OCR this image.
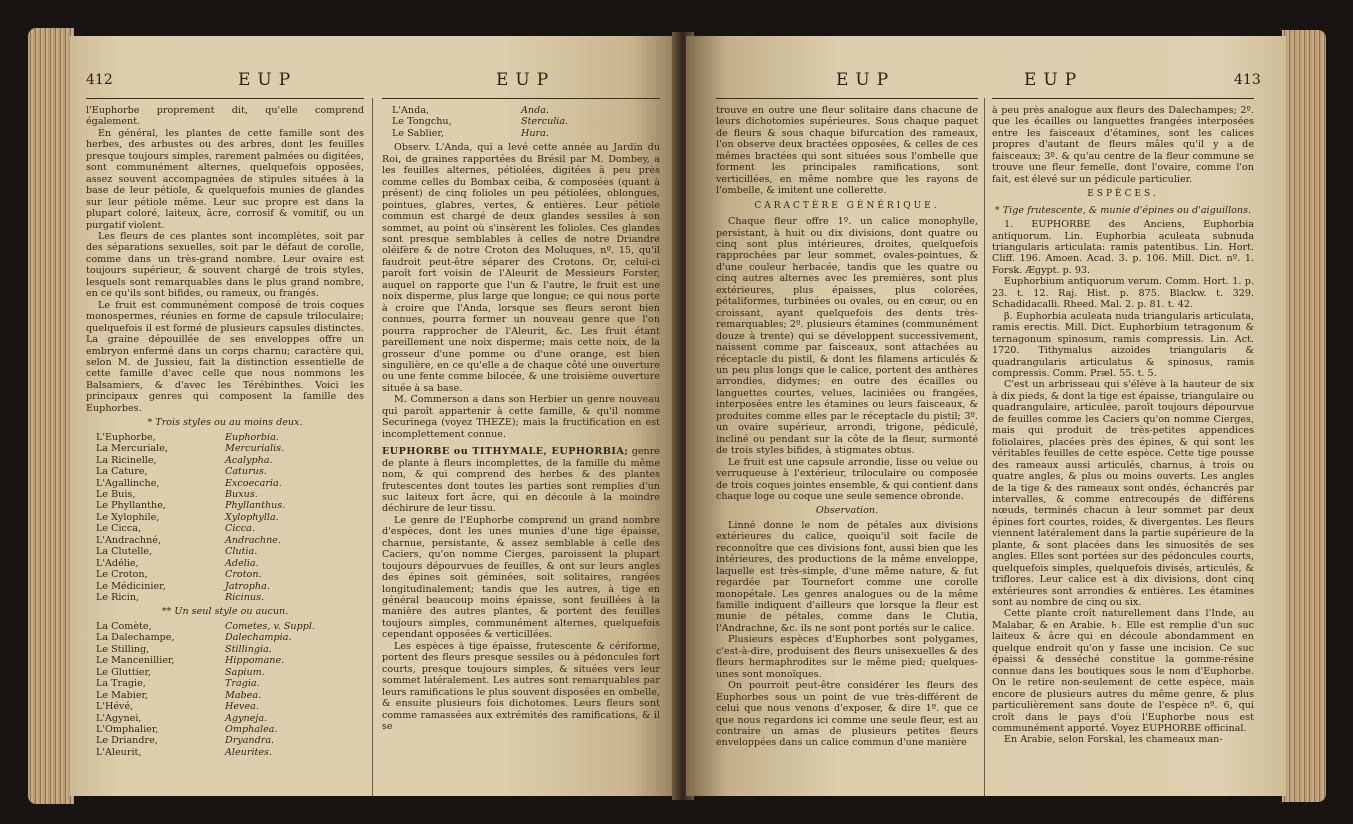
412	EUP	EUP

l'Euphorbe proprement dit, qu'elle comprend également.

En général, les plantes de cette famille sont des herbes, des arbustes ou des arbres, dont les feuilles presque toujours simples, rarement palmées ou digitées, sont communément alternes, quelquefois opposées, assez souvent accompagnées de stipules situées à la base de leur pétiole, & quelquefois munies de glandes sur leur pétiole même. Leur suc propre est dans la plupart coloré, laiteux, âcre, corrosif & vomitif, ou un purgatif violent.

Les fleurs de ces plantes sont incomplètes, soit par des séparations sexuelles, soit par le défaut de corolle, comme dans un très-grand nombre. Leur ovaire est toujours supérieur, & souvent chargé de trois styles, lesquels sont remarquables dans le plus grand nombre, en ce qu'ils sont bifides, ou rameux, ou frangés.

Le fruit est communément composé de trois coques monospermes, réunies en forme de capsule triloculaire; quelquefois il est formé de plusieurs capsules distinctes. La graine dépouillée de ses enveloppes offre un embryon enfermé dans un corps charnu; caractère qui, selon M. de Jussieu, fait la distinction essentielle de cette famille d'avec celle que nous nommons les Balsamiers, & d'avec les Térébinthes. Voici les principaux genres qui composent la famille des Euphorbes.

* Trois styles ou au moins deux.

L'Euphorbe,	Euphorbia.
La Mercuriale,	Mercurialis.
La Ricinelle,	Acalypha.
La Cature,	Caturus.
L'Agallinche,	Excoecaria.
Le Buis,	Buxus.
Le Phyllanthe,	Phyllanthus.
Le Xylophile,	Xylophylla.
Le Cicca,	Cicca.
L'Andrachné,	Andrachne.
La Clutelle,	Clutia.
L'Adélie,	Adelia.
Le Croton,	Croton.
Le Médicinier,	Jatropha.
Le Ricin,	Ricinus.

** Un seul style ou aucun.

La Comète,	Cometes, v. Suppl.
La Dalechampe,	Dalechampia.
Le Stilling,	Stillingia.
Le Mancenillier,	Hippomane.
Le Gluttier,	Sapium.
La Tragie,	Tragia.
Le Mabier,	Mabea.
L'Hévé,	Hevea.
L'Agynei,	Agyneja.
L'Omphalier,	Omphalea.
Le Driandre,	Dryandra.
L'Aleurit,	Aleurites.
L'Anda,	Anda.
Le Tongchu,	Sterculia.
Le Sablier,	Hura.

Observ. L'Anda, qui a levé cette année au Jardin du Roi, de graines rapportées du Brésil par M. Dombey, a les feuilles alternes, pétiolées, digitées à peu près comme celles du Bombax ceiba, & composées (quant à présent) de cinq folioles un peu pétiolées, oblongues, pointues, glabres, vertes, & entières. Leur pétiole commun est chargé de deux glandes sessiles à son sommet, au point où s'insèrent les folioles. Ces glandes sont presque semblables à celles de notre Driandre oléifère & de notre Croton des Moluques, nº. 15, qu'il faudroit peut-être séparer des Crotons. Or, celui-ci paroît fort voisin de l'Aleurit de Messieurs Forster, auquel on rapporte que l'un & l'autre, le fruit est une noix disperme, plus large que longue; ce qui nous porte à croire que l'Anda, lorsque ses fleurs seront bien connues, pourra former un nouveau genre que l'on pourra rapprocher de l'Aleurit, &c. Les fruit étant pareillement une noix disperme; mais cette noix, de la grosseur d'une pomme ou d'une orange, est bien singulière, en ce qu'elle a de chaque côté une ouverture ou une fente comme bilocée, & une troisième ouverture située à sa base.

M. Commerson a dans son Herbier un genre nouveau qui paroît appartenir à cette famille, & qu'il nomme Securinega (voyez THEZE); mais la fructification en est incomplettement connue.

EUPHORBE ou TITHYMALE, EUPHORBIA; genre de plante à fleurs incomplettes, de la famille du même nom, & qui comprend des herbes & des plantes frutescentes dont toutes les parties sont remplies d'un suc laiteux fort âcre, qui en découle à la moindre déchirure de leur tissu.

Le genre de l'Euphorbe comprend un grand nombre d'espèces, dont les unes munies d'une tige épaisse, charnue, persistante, & assez semblable à celle des Caciers, qu'on nomme Cierges, paroissent la plupart toujours dépourvues de feuilles, & ont sur leurs angles des épines soit géminées, soit solitaires, rangées longitudinalement; tandis que les autres, à tige en général beaucoup moins épaisse, sont feuillées à la manière des autres plantes, & portent des feuilles toujours simples, communément alternes, quelquefois cependant opposées & verticillées.

Les espèces à tige épaisse, frutescente & cériforme, portent des fleurs presque sessiles ou à pédoncules fort courts, presque toujours simples, & situées vers leur sommet latéralement. Les autres sont remarquables par leurs ramifications le plus souvent disposées en ombelle, & ensuite plusieurs fois dichotomes. Leurs fleurs sont comme ramassées aux extrémités des ramifications, & il se

EUP	EUP	413

trouve en outre une fleur solitaire dans chacune de leurs dichotomies supérieures. Sous chaque paquet de fleurs & sous chaque bifurcation des rameaux, l'on observe deux bractées opposées, & celles de ces mêmes bractées qui sont situées sous l'ombelle que forment les principales ramifications, sont verticillées, en même nombre que les rayons de l'ombelle, & imitent une collerette.

CARACTÈRE GÉNÉRIQUE.

Chaque fleur offre 1º. un calice monophylle, persistant, à huit ou dix divisions, dont quatre ou cinq sont plus intérieures, droites, quelquefois rapprochées par leur sommet, ovales-pointues, & d'une couleur herbacée, tandis que les quatre ou cinq autres alternes avec les premières, sont plus extérieures, plus épaisses, plus colorées, pétaliformes, turbinées ou ovales, ou en cœur, ou en croissant, ayant quelquefois des dents très-remarquables; 2º. plusieurs étamines (communément douze à trente) qui se développent successivement, naissent comme par faisceaux, sont attachées au réceptacle du pistil, & dont les filamens articulés & un peu plus longs que le calice, portent des anthères arrondies, didymes; en outre des écailles ou languettes courtes, velues, laciniées ou frangées, interposées entre les étamines ou leurs faisceaux, & produites comme elles par le réceptacle du pistil; 3º. un ovaire supérieur, arrondi, trigone, pédiculé, incliné ou pendant sur la côte de la fleur, surmonté de trois styles bifides, à stigmates obtus.

Le fruit est une capsule arrondie, lisse ou velue ou verruqueuse à l'extérieur, triloculaire ou composée de trois coques jointes ensemble, & qui contient dans chaque loge ou coque une seule semence obronde.

Observation.

Linné donne le nom de pétales aux divisions extérieures du calice, quoiqu'il soit facile de reconnoître que ces divisions font, aussi bien que les intérieures, des productions de la même enveloppe, laquelle est très-simple, d'une même nature, & fut regardée par Tournefort comme une corolle monopétale. Les genres analogues ou de la même famille indiquent d'ailleurs que lorsque la fleur est munie de pétales, comme dans le Clutia, l'Andrachne, &c. ils ne sont pont portés sur le calice.

Plusieurs espèces d'Euphorbes sont polygames, c'est-à-dire, produisent des fleurs unisexuelles & des fleurs hermaphrodites sur le même pied; quelques-unes sont monoïques.

On pourroit peut-être considérer les fleurs des Euphorbes sous un point de vue très-différent de celui que nous venons d'exposer, & dire 1º. que ce que nous regardons ici comme une seule fleur, est au contraire un amas de plusieurs petites fleurs enveloppées dans un calice commun d'une manière

à peu près analogue aux fleurs des Dalechampes; 2º. que les écailles ou languettes frangées interposées entre les faisceaux d'étamines, sont les calices propres d'autant de fleurs mâles qu'il y a de faisceaux; 3º. & qu'au centre de la fleur commune se trouve une fleur femelle, dont l'ovaire, comme l'on fait, est élevé sur un pédicule particulier.

ESPÈCES.

* Tige frutescente, & munie d'épines ou d'aiguillons.

1. EUPHORBE des Anciens, Euphorbia antiquorum. Lin. Euphorbia aculeata subnuda triangularis articulata: ramis patentibus. Lin. Hort. Cliff. 196. Amoen. Acad. 3. p. 106. Mill. Dict. nº. 1. Forsk. Ægypt. p. 93.

Euphorbium antiquorum verum. Comm. Hort. 1. p. 23. t. 12. Raj. Hist. p. 875. Blackw. t. 329. Schadidacalli. Rheed. Mal. 2. p. 81. t. 42.

β. Euphorbia aculeata nuda triangularis articulata, ramis erectis. Mill. Dict. Euphorbium tetragonum & ternagonum spinosum, ramis compressis. Lin. Act. 1720. Tithymalus aizoides triangularis & quadrangularis articulatus & spinosus, ramis compressis. Comm. Præl. 55. t. 5.

C'est un arbrisseau qui s'élève à la hauteur de six à dix pieds, & dont la tige est épaisse, triangulaire ou quadrangulaire, articulée, paroît toujours dépourvue de feuilles comme les Caciers qu'on nomme Cierges, mais qui produit de très-petites appendices foliolaires, placées près des épines, & qui sont les véritables feuilles de cette espèce. Cette tige pousse des rameaux aussi articulés, charnus, à trois ou quatre angles, & plus ou moins ouverts. Les angles de la tige & des rameaux sont ondés, échancrés par intervalles, & comme entrecoupés de différens nœuds, terminés chacun à leur sommet par deux épines fort courtes, roides, & divergentes. Les fleurs viennent latéralement dans la partie supérieure de la plante, & sont placées dans les sinuosités de ses angles. Elles sont portées sur des pédoncules courts, quelquefois simples, quelquefois divisés, articulés, & triflores. Leur calice est à dix divisions, dont cinq extérieures sont arrondies & entières. Les étamines sont au nombre de cinq ou six.

Cette plante croît naturellement dans l'Inde, au Malabar, & en Arabie. ♄. Elle est remplie d'un suc laiteux & âcre qui en découle abondamment en quelque endroit qu'on y fasse une incision. Ce suc épaissi & desséché constitue la gomme-résine connue dans les boutiques sous le nom d'Euphorbe. On le retire non-seulement de cette espèce, mais encore de plusieurs autres du même genre, & plus particulièrement sans doute de l'espèce nº. 6, qui croît dans le pays d'où l'Euphorbe nous est communément apporté. Voyez EUPHORBE officinal.

En Arabie, selon Forskal, les chameaux man-
